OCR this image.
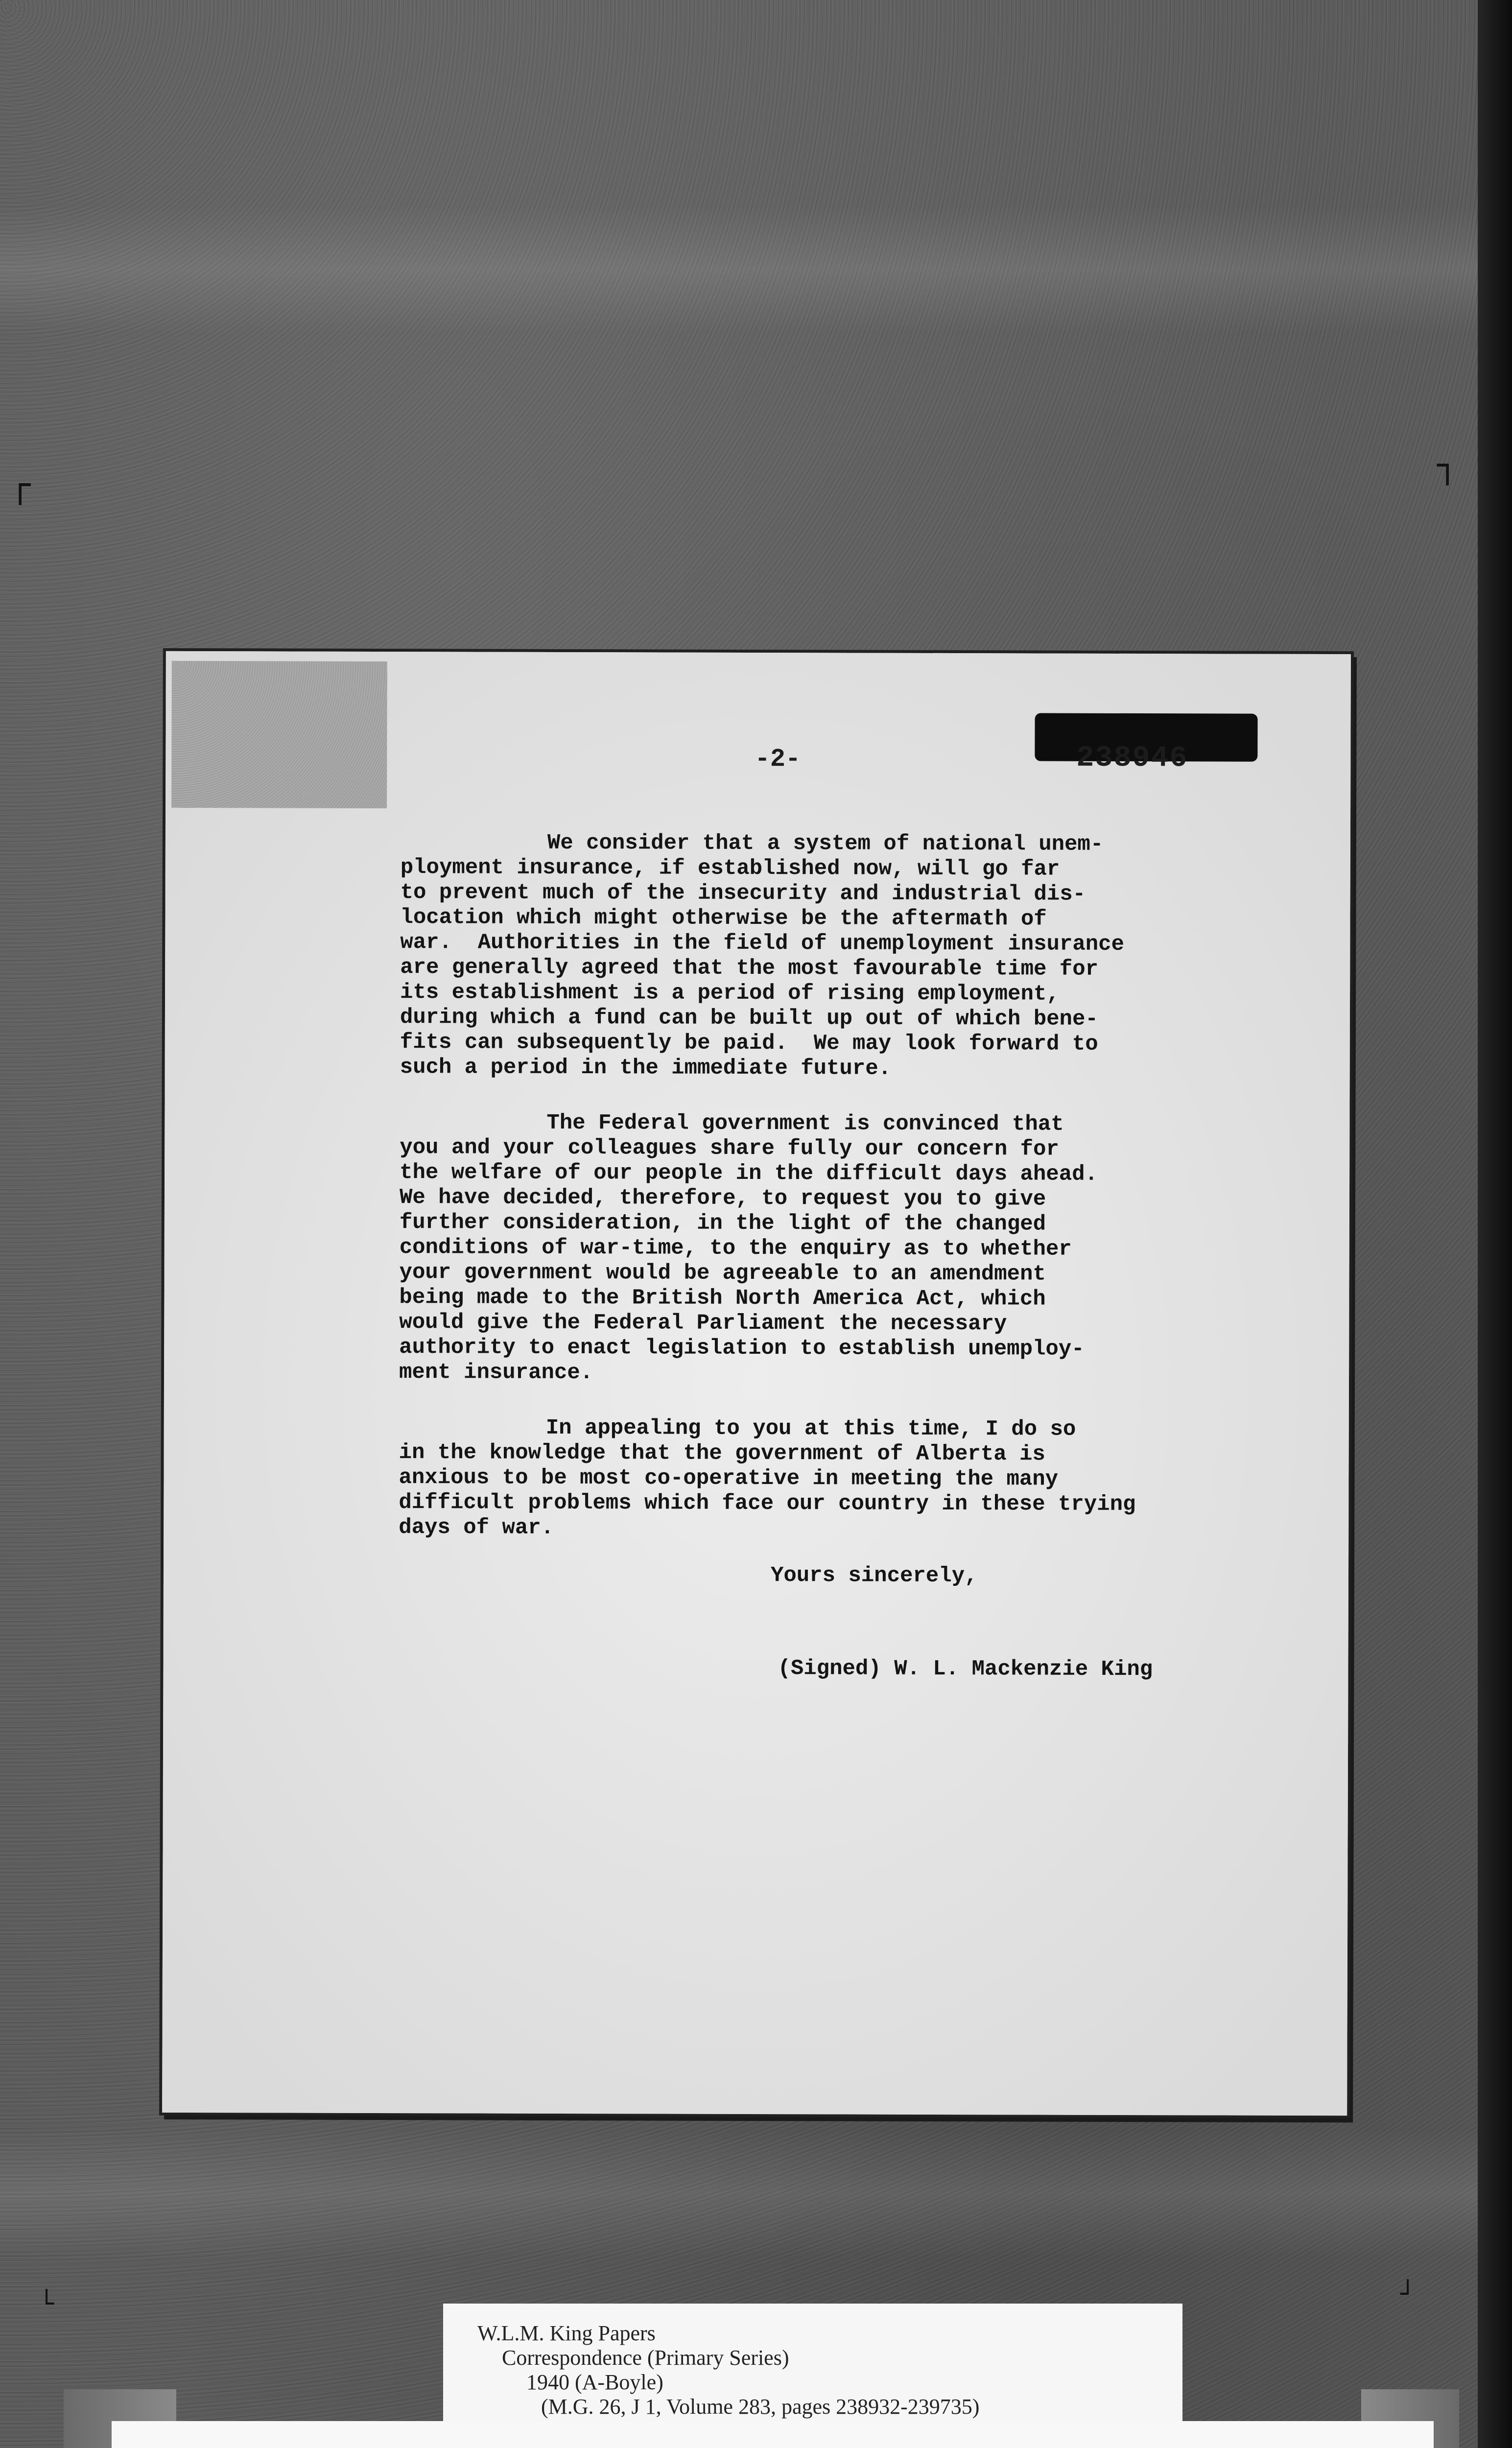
┌	┐
└	┘
238946
-2-

We consider that a system of national unem-
ployment insurance, if established now, will go far
to prevent much of the insecurity and industrial dis-
location which might otherwise be the aftermath of
war.  Authorities in the field of unemployment insurance
are generally agreed that the most favourable time for
its establishment is a period of rising employment,
during which a fund can be built up out of which bene-
fits can subsequently be paid.  We may look forward to
such a period in the immediate future.

The Federal government is convinced that
you and your colleagues share fully our concern for
the welfare of our people in the difficult days ahead.
We have decided, therefore, to request you to give
further consideration, in the light of the changed
conditions of war-time, to the enquiry as to whether
your government would be agreeable to an amendment
being made to the British North America Act, which
would give the Federal Parliament the necessary
authority to enact legislation to establish unemploy-
ment insurance.

In appealing to you at this time, I do so
in the knowledge that the government of Alberta is
anxious to be most co-operative in meeting the many
difficult problems which face our country in these trying
days of war.

Yours sincerely,
(Signed) W. L. Mackenzie King
W.L.M. King Papers
Correspondence (Primary Series)
1940 (A-Boyle)
(M.G. 26, J 1, Volume 283, pages 238932-239735)
